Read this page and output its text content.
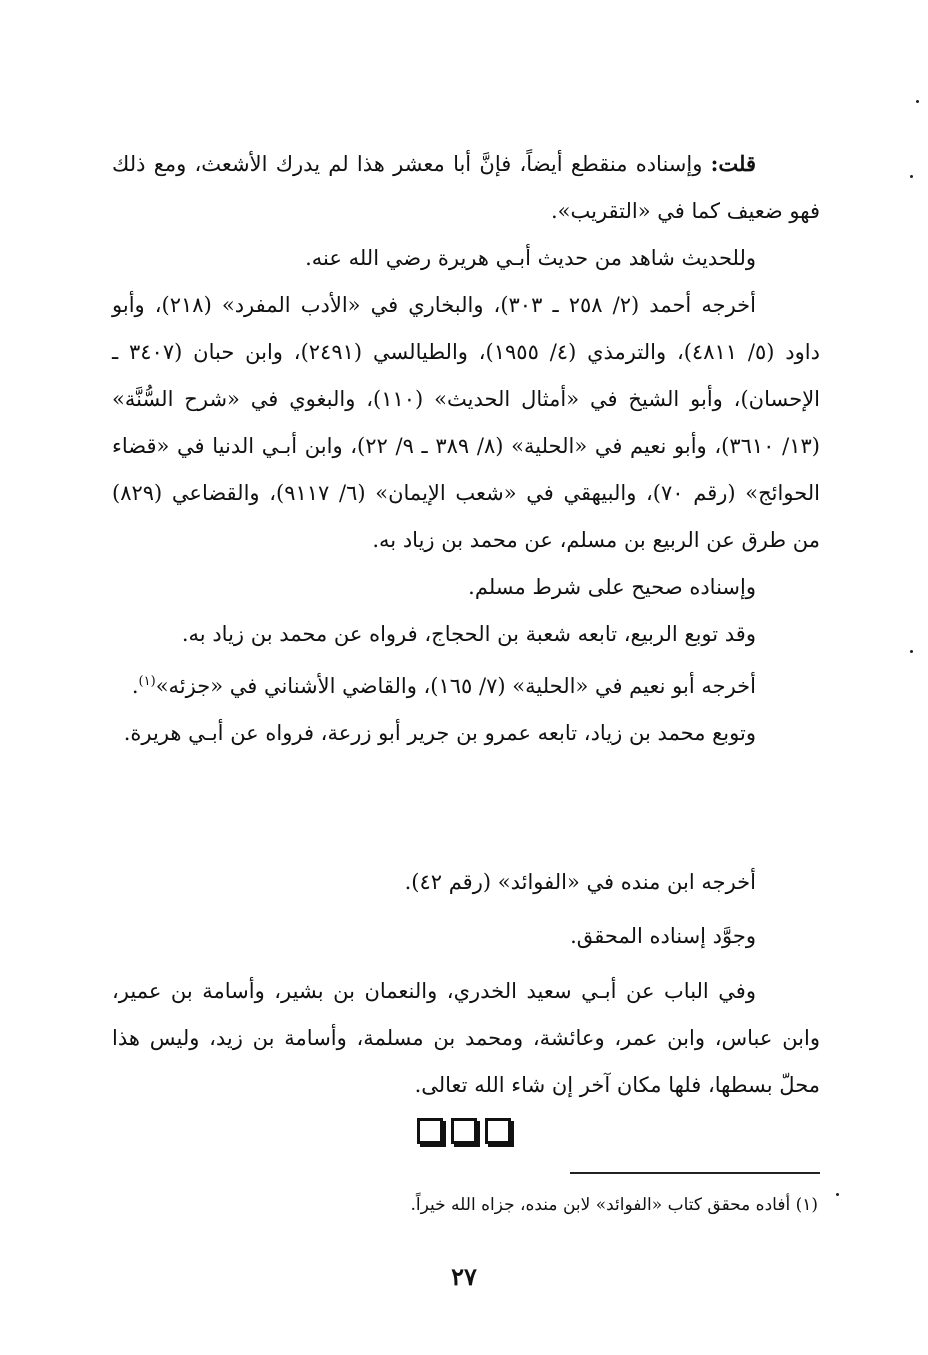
قلت: وإسناده منقطع أيضاً، فإنَّ أبا معشر هذا لم يدرك الأشعث، ومع ذلك فهو ضعيف كما في «التقريب».

وللحديث شاهد من حديث أبـي هريرة رضي الله عنه.

أخرجه أحمد (٢/ ٢٥٨ ـ ٣٠٣)، والبخاري في «الأدب المفرد» (٢١٨)، وأبو داود (٥/ ٤٨١١)، والترمذي (٤/ ١٩٥٥)، والطيالسي (٢٤٩١)، وابن حبان (٣٤٠٧ ـ الإحسان)، وأبو الشيخ في «أمثال الحديث» (١١٠)، والبغوي في «شرح السُّنَّة» (١٣/ ٣٦١٠)، وأبو نعيم في «الحلية» (٨/ ٣٨٩ ـ ٩/ ٢٢)، وابن أبـي الدنيا في «قضاء الحوائج» (رقم ٧٠)، والبيهقي في «شعب الإيمان» (٦/ ٩١١٧)، والقضاعي (٨٢٩) من طرق عن الربيع بن مسلم، عن محمد بن زياد به.

وإسناده صحيح على شرط مسلم.

وقد توبع الربيع، تابعه شعبة بن الحجاج، فرواه عن محمد بن زياد به.

أخرجه أبو نعيم في «الحلية» (٧/ ١٦٥)، والقاضي الأشناني في «جزئه»$^{(١)}$.

وتوبع محمد بن زياد، تابعه عمرو بن جرير أبو زرعة، فرواه عن أبـي هريرة.

أخرجه ابن منده في «الفوائد» (رقم ٤٢).

وجوَّد إسناده المحقق.

وفي الباب عن أبـي سعيد الخدري، والنعمان بن بشير، وأسامة بن عمير، وابن عباس، وابن عمر، وعائشة، ومحمد بن مسلمة، وأسامة بن زيد، وليس هذا محلّ بسطها، فلها مكان آخر إن شاء الله تعالى.

(١) أفاده محقق كتاب «الفوائد» لابن منده، جزاه الله خيراً.
٢٧
